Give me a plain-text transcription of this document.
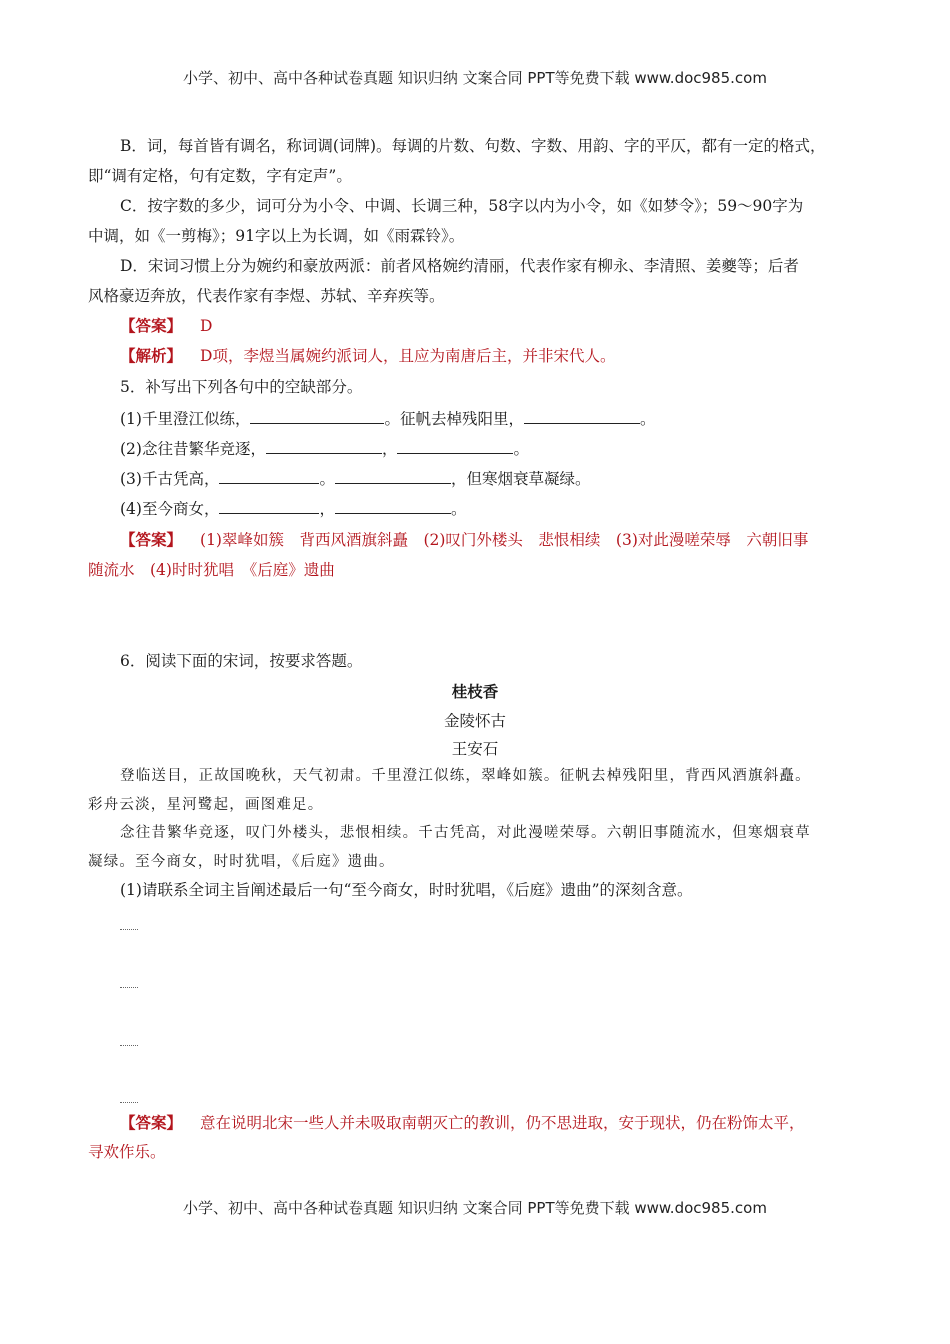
小学、初中、高中各种试卷真题 知识归纳 文案合同 PPT等免费下载 www.doc985.com
B．词，每首皆有调名，称词调(词牌)。每调的片数、句数、字数、用韵、字的平仄，都有一定的格式，
即“调有定格，句有定数，字有定声”。
C．按字数的多少，词可分为小令、中调、长调三种，58字以内为小令，如《如梦令》；59～90字为
中调，如《一剪梅》；91字以上为长调，如《雨霖铃》。
D．宋词习惯上分为婉约和豪放两派：前者风格婉约清丽，代表作家有柳永、李清照、姜夔等；后者
风格豪迈奔放，代表作家有李煜、苏轼、辛弃疾等。
【答案】 D
【解析】 D项，李煜当属婉约派词人，且应为南唐后主，并非宋代人。
5．补写出下列各句中的空缺部分。
(1)千里澄江似练，	。征帆去棹残阳里，	。
(2)念往昔繁华竞逐，	，	。
(3)千古凭高，	。	，但寒烟衰草凝绿。
(4)至今商女，	，	。
【答案】 (1)翠峰如簇　背西风酒旗斜矗　(2)叹门外楼头　悲恨相续　(3)对此漫嗟荣辱　六朝旧事
随流水　(4)时时犹唱　《后庭》遗曲
6．阅读下面的宋词，按要求答题。
桂枝香
金陵怀古
王安石
登临送目，正故国晚秋，天气初肃。千里澄江似练，翠峰如簇。征帆去棹残阳里，背西风酒旗斜矗。
彩舟云淡，星河鹭起，画图难足。
念往昔繁华竞逐，叹门外楼头，悲恨相续。千古凭高，对此漫嗟荣辱。六朝旧事随流水，但寒烟衰草
凝绿。至今商女，时时犹唱，《后庭》遗曲。
(1)请联系全词主旨阐述最后一句“至今商女，时时犹唱，《后庭》遗曲”的深刻含意。
【答案】 意在说明北宋一些人并未吸取南朝灭亡的教训，仍不思进取，安于现状，仍在粉饰太平，
寻欢作乐。
小学、初中、高中各种试卷真题 知识归纳 文案合同 PPT等免费下载 www.doc985.com
